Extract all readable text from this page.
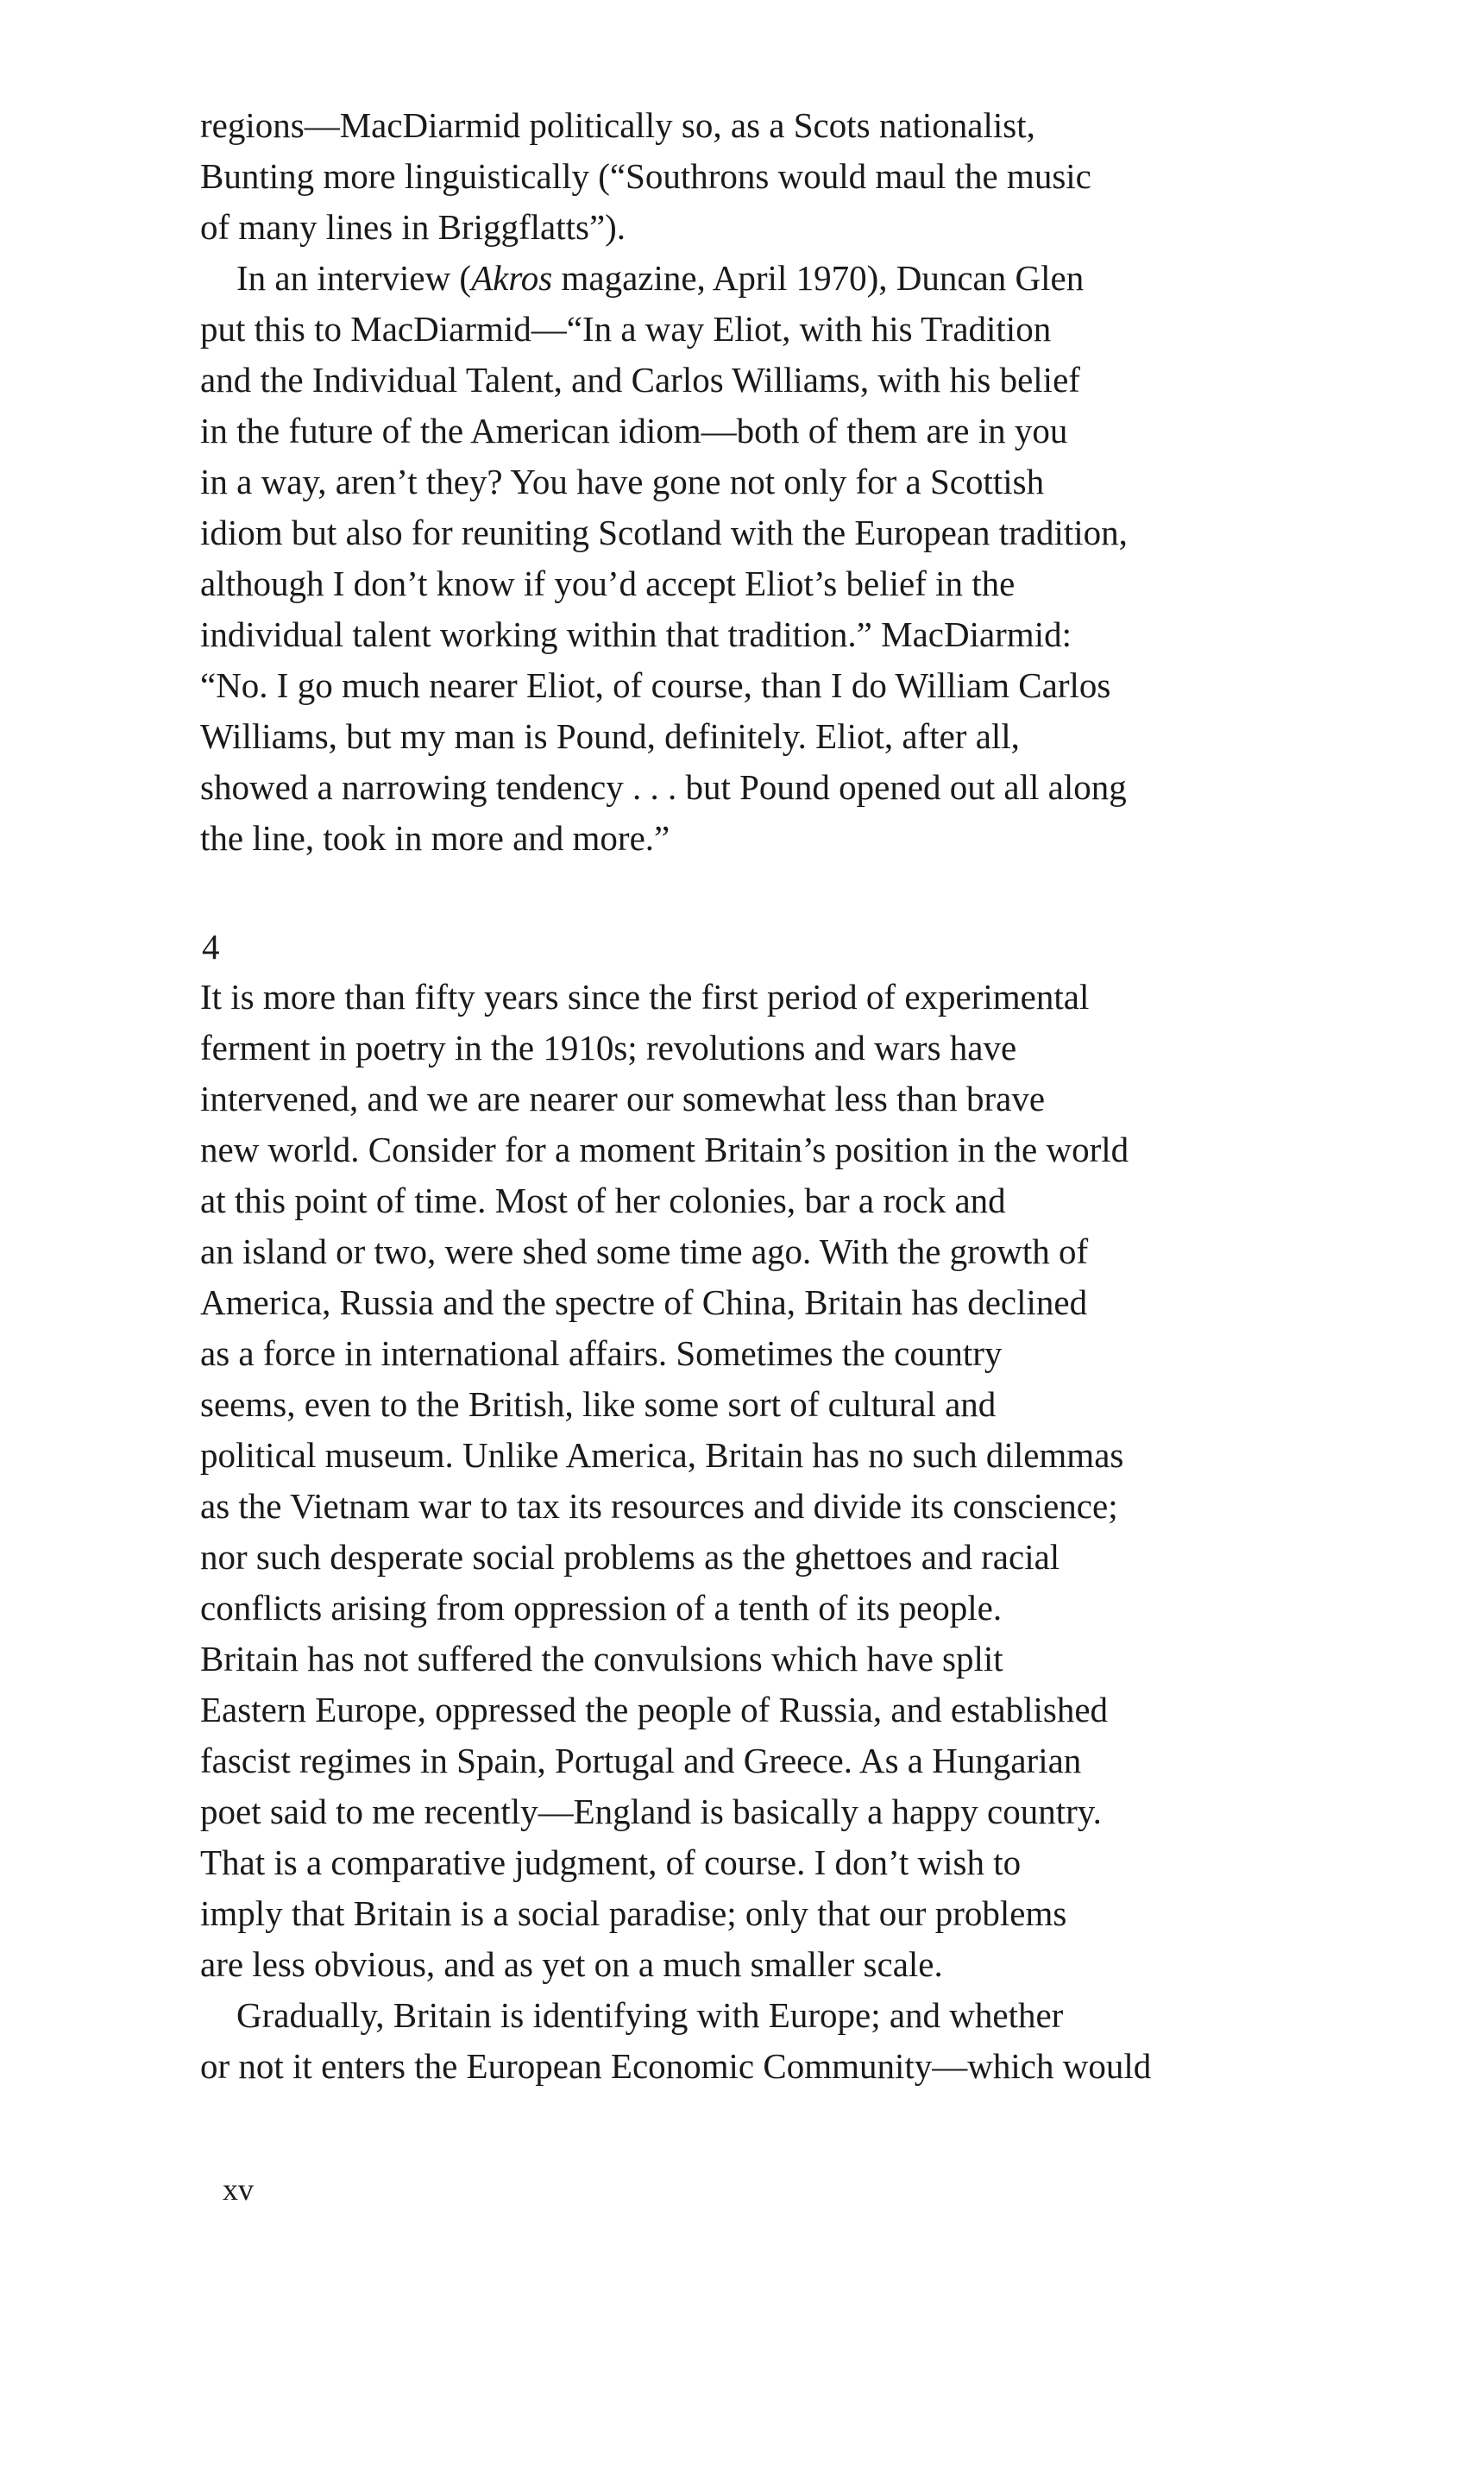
regions—MacDiarmid politically so, as a Scots nationalist,
Bunting more linguistically (“Southrons would maul the music
of many lines in Briggflatts”).
In an interview (Akros magazine, April 1970), Duncan Glen
put this to MacDiarmid—“In a way Eliot, with his Tradition
and the Individual Talent, and Carlos Williams, with his belief
in the future of the American idiom—both of them are in you
in a way, aren’t they? You have gone not only for a Scottish
idiom but also for reuniting Scotland with the European tradition,
although I don’t know if you’d accept Eliot’s belief in the
individual talent working within that tradition.” MacDiarmid:
“No. I go much nearer Eliot, of course, than I do William Carlos
Williams, but my man is Pound, definitely. Eliot, after all,
showed a narrowing tendency . . . but Pound opened out all along
the line, took in more and more.”
4
It is more than fifty years since the first period of experimental
ferment in poetry in the 1910s; revolutions and wars have
intervened, and we are nearer our somewhat less than brave
new world. Consider for a moment Britain’s position in the world
at this point of time. Most of her colonies, bar a rock and
an island or two, were shed some time ago. With the growth of
America, Russia and the spectre of China, Britain has declined
as a force in international affairs. Sometimes the country
seems, even to the British, like some sort of cultural and
political museum. Unlike America, Britain has no such dilemmas
as the Vietnam war to tax its resources and divide its conscience;
nor such desperate social problems as the ghettoes and racial
conflicts arising from oppression of a tenth of its people.
Britain has not suffered the convulsions which have split
Eastern Europe, oppressed the people of Russia, and established
fascist regimes in Spain, Portugal and Greece. As a Hungarian
poet said to me recently—England is basically a happy country.
That is a comparative judgment, of course. I don’t wish to
imply that Britain is a social paradise; only that our problems
are less obvious, and as yet on a much smaller scale.
Gradually, Britain is identifying with Europe; and whether
or not it enters the European Economic Community—which would
xv
